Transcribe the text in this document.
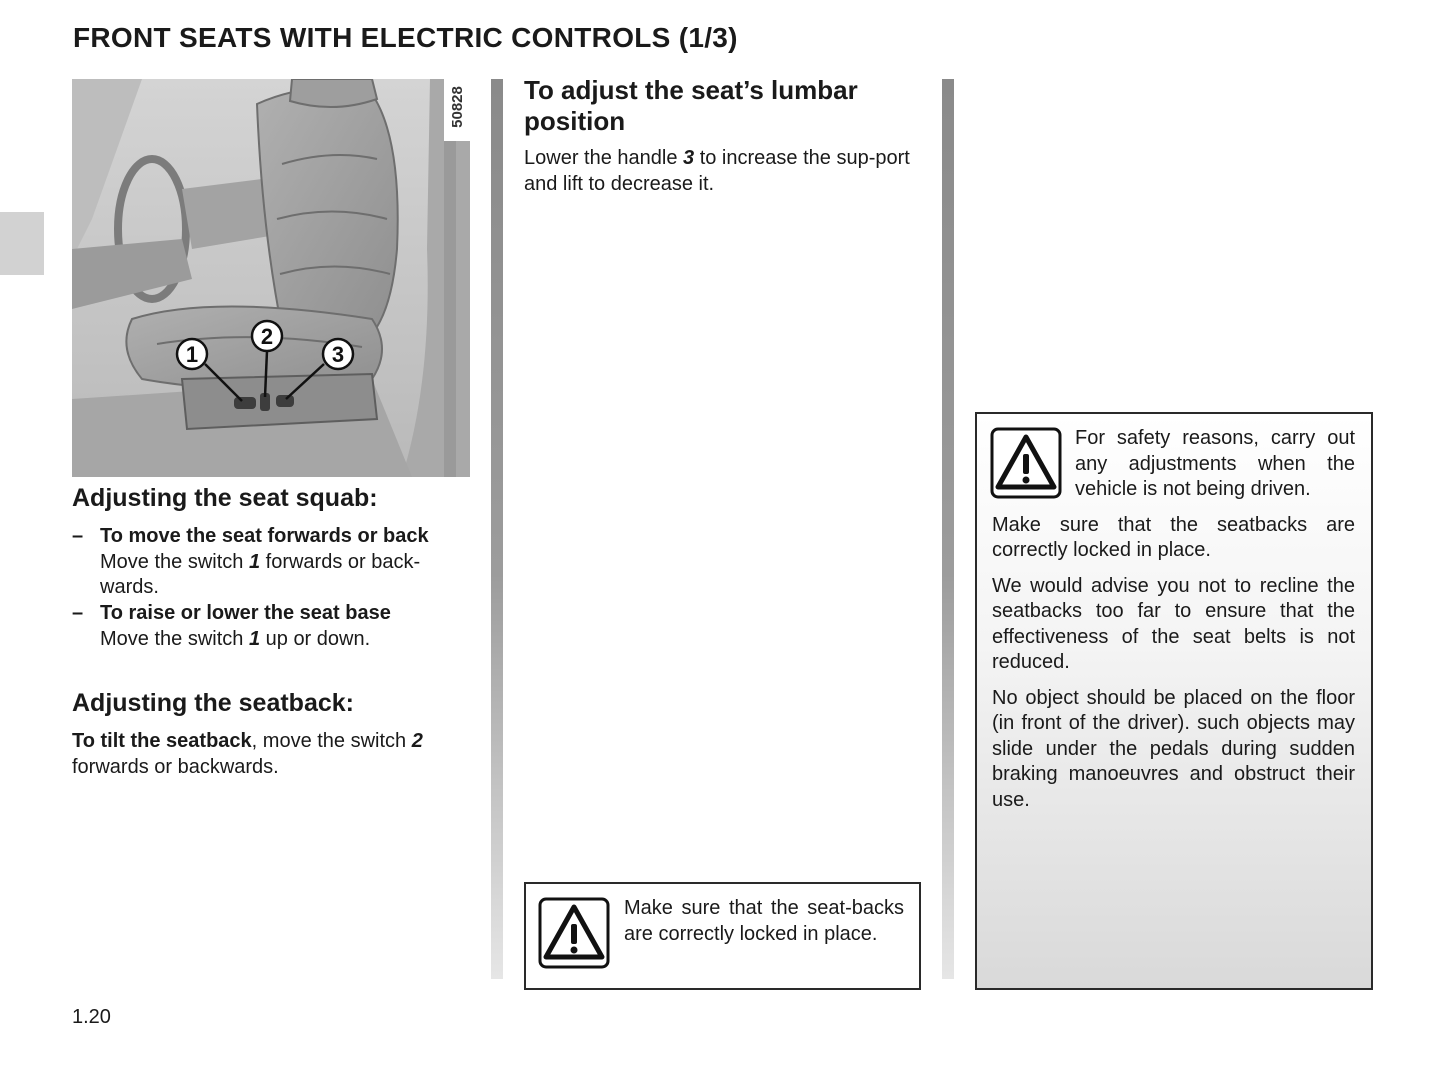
FRONT SEATS WITH ELECTRIC CONTROLS (1/3)
1
2
3
50828
Adjusting the seat squab:
– To move the seat forwards or back
Move the switch 1 forwards or back-wards.
– To raise or lower the seat base
Move the switch 1 up or down.
Adjusting the seatback:
To tilt the seatback, move the switch 2 forwards or backwards.
To adjust the seat’s lumbar position
Lower the handle 3 to increase the sup-port and lift to decrease it.
Make sure that the seat-backs are correctly locked in place.
For safety reasons, carry out any adjustments when the vehicle is not being driven.
Make sure that the seatbacks are correctly locked in place.
We would advise you not to recline the seatbacks too far to ensure that the effectiveness of the seat belts is not reduced.
No object should be placed on the floor (in front of the driver). such objects may slide under the pedals during sudden braking manoeuvres and obstruct their use.
1.20
